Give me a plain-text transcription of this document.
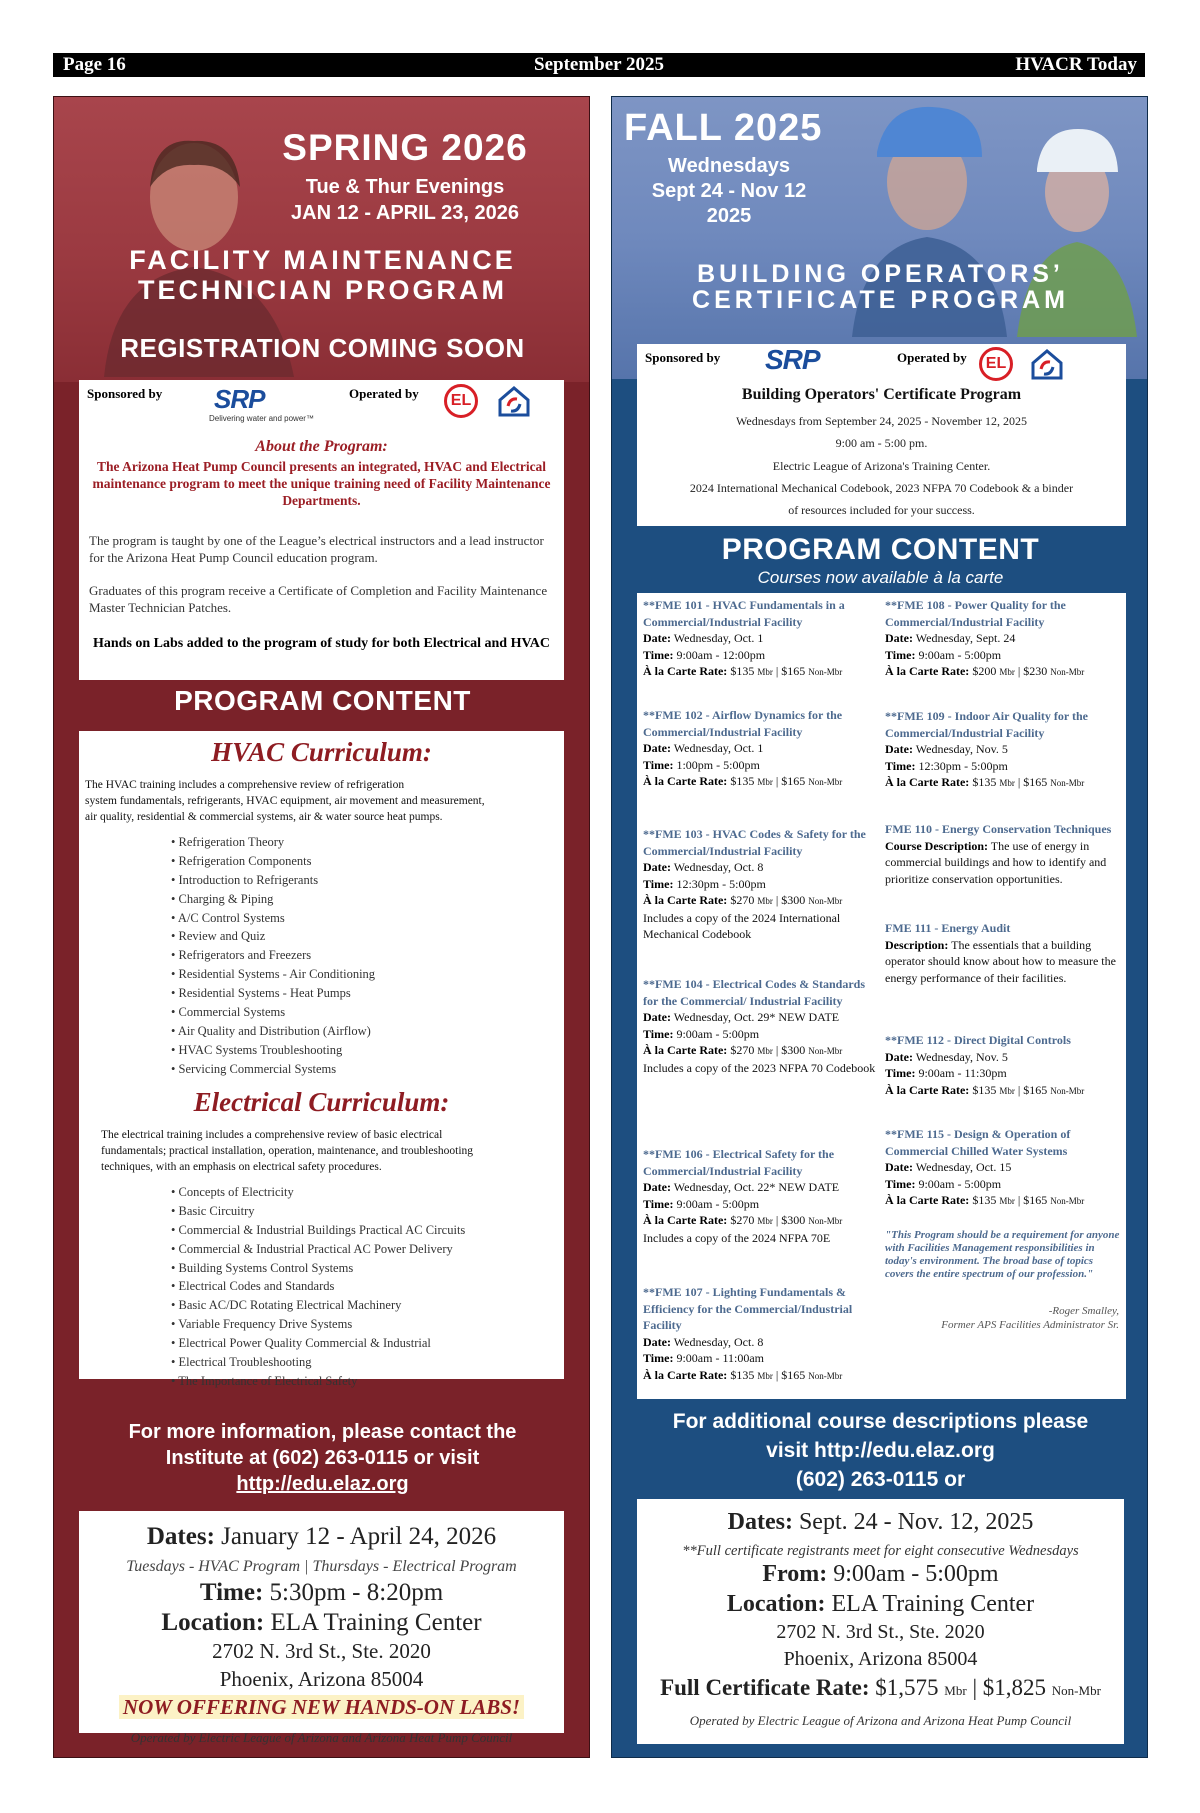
Page 16	September 2025	HVACR Today
SPRING 2026
Tue & Thur Evenings
JAN 12 - APRIL 23, 2026
FACILITY MAINTENANCE
TECHNICIAN PROGRAM
REGISTRATION COMING SOON
Sponsored by SRP
Delivering water and power™
Operated by	EL
About the Program:
The Arizona Heat Pump Council presents an integrated, HVAC and Electrical maintenance program to meet the unique training need of Facility Maintenance Departments.
The program is taught by one of the League’s electrical instructors and a lead instructor for the Arizona Heat Pump Council education program.
Graduates of this program receive a Certificate of Completion and Facility Maintenance Master Technician Patches.
Hands on Labs added to the program of study for both Electrical and HVAC
PROGRAM CONTENT
HVAC Curriculum:
The HVAC training includes a comprehensive review of refrigeration
system fundamentals, refrigerants, HVAC equipment, air movement and measurement,
air quality, residential & commercial systems, air & water source heat pumps.
• Refrigeration Theory
• Refrigeration Components
• Introduction to Refrigerants
• Charging & Piping
• A/C Control Systems
• Review and Quiz
• Refrigerators and Freezers
• Residential Systems - Air Conditioning
• Residential Systems - Heat Pumps
• Commercial Systems
• Air Quality and Distribution (Airflow)
• HVAC Systems Troubleshooting
• Servicing Commercial Systems
Electrical Curriculum:
The electrical training includes a comprehensive review of basic electrical
fundamentals; practical installation, operation, maintenance, and troubleshooting
techniques, with an emphasis on electrical safety procedures.
• Concepts of Electricity
• Basic Circuitry
• Commercial & Industrial Buildings Practical AC Circuits
• Commercial & Industrial Practical AC Power Delivery
• Building Systems Control Systems
• Electrical Codes and Standards
• Basic AC/DC Rotating Electrical Machinery
• Variable Frequency Drive Systems
• Electrical Power Quality Commercial & Industrial
• Electrical Troubleshooting
• The Importance of Electrical Safety
For more information, please contact the
Institute at (602) 263-0115 or visit
http://edu.elaz.org
Dates: January 12 - April 24, 2026
Tuesdays - HVAC Program | Thursdays - Electrical Program
Time: 5:30pm - 8:20pm
Location: ELA Training Center
2702 N. 3rd St., Ste. 2020
Phoenix, Arizona 85004
NOW OFFERING NEW HANDS-ON LABS!
Operated by Electric League of Arizona and Arizona Heat Pump Council
FALL 2025
Wednesdays
Sept 24 - Nov 12
2025
BUILDING OPERATORS’
CERTIFICATE PROGRAM
Sponsored by SRP	Operated by	EL
Building Operators' Certificate Program
Wednesdays from September 24, 2025 - November 12, 2025
9:00 am - 5:00 pm.
Electric League of Arizona's Training Center.
2024 International Mechanical Codebook, 2023 NFPA 70 Codebook & a binder
of resources included for your success.
PROGRAM CONTENT
Courses now available à la carte
**FME 101 - HVAC Fundamentals in a Commercial/Industrial Facility
Date: Wednesday, Oct. 1
Time: 9:00am - 12:00pm
À la Carte Rate: $135 Mbr | $165 Non-Mbr
**FME 102 - Airflow Dynamics for the Commercial/Industrial Facility
Date: Wednesday, Oct. 1
Time: 1:00pm - 5:00pm
À la Carte Rate: $135 Mbr | $165 Non-Mbr
**FME 103 - HVAC Codes & Safety for the Commercial/Industrial Facility
Date: Wednesday, Oct. 8
Time: 12:30pm - 5:00pm
À la Carte Rate: $270 Mbr | $300 Non-Mbr
Includes a copy of the 2024 International Mechanical Codebook
**FME 104 - Electrical Codes & Standards for the Commercial/ Industrial Facility
Date: Wednesday, Oct. 29* NEW DATE
Time: 9:00am - 5:00pm
À la Carte Rate: $270 Mbr | $300 Non-Mbr
Includes a copy of the 2023 NFPA 70 Codebook
**FME 106 - Electrical Safety for the Commercial/Industrial Facility
Date: Wednesday, Oct. 22* NEW DATE
Time: 9:00am - 5:00pm
À la Carte Rate: $270 Mbr | $300 Non-Mbr
Includes a copy of the 2024 NFPA 70E
**FME 107 - Lighting Fundamentals & Efficiency for the Commercial/Industrial Facility
Date: Wednesday, Oct. 8
Time: 9:00am - 11:00am
À la Carte Rate: $135 Mbr | $165 Non-Mbr
**FME 108 - Power Quality for the Commercial/Industrial Facility
Date: Wednesday, Sept. 24
Time: 9:00am - 5:00pm
À la Carte Rate: $200 Mbr | $230 Non-Mbr
**FME 109 - Indoor Air Quality for the Commercial/Industrial Facility
Date: Wednesday, Nov. 5
Time: 12:30pm - 5:00pm
À la Carte Rate: $135 Mbr | $165 Non-Mbr
FME 110 - Energy Conservation Techniques
Course Description: The use of energy in commercial buildings and how to identify and prioritize conservation opportunities.
FME 111 - Energy Audit
Description: The essentials that a building operator should know about how to measure the energy performance of their facilities.
**FME 112 - Direct Digital Controls
Date: Wednesday, Nov. 5
Time: 9:00am - 11:30pm
À la Carte Rate: $135 Mbr | $165 Non-Mbr
**FME 115 - Design & Operation of Commercial Chilled Water Systems
Date: Wednesday, Oct. 15
Time: 9:00am - 5:00pm
À la Carte Rate: $135 Mbr | $165 Non-Mbr
"This Program should be a requirement for anyone with Facilities Management responsibilities in today's environment. The broad base of topics covers the entire spectrum of our profession."
-Roger Smalley,
Former APS Facilities Administrator Sr.
For additional course descriptions please
visit http://edu.elaz.org
(602) 263-0115 or
Dates: Sept. 24 - Nov. 12, 2025
**Full certificate registrants meet for eight consecutive Wednesdays
From: 9:00am - 5:00pm
Location: ELA Training Center
2702 N. 3rd St., Ste. 2020
Phoenix, Arizona 85004
Full Certificate Rate: $1,575 Mbr | $1,825 Non-Mbr
Operated by Electric League of Arizona and Arizona Heat Pump Council
